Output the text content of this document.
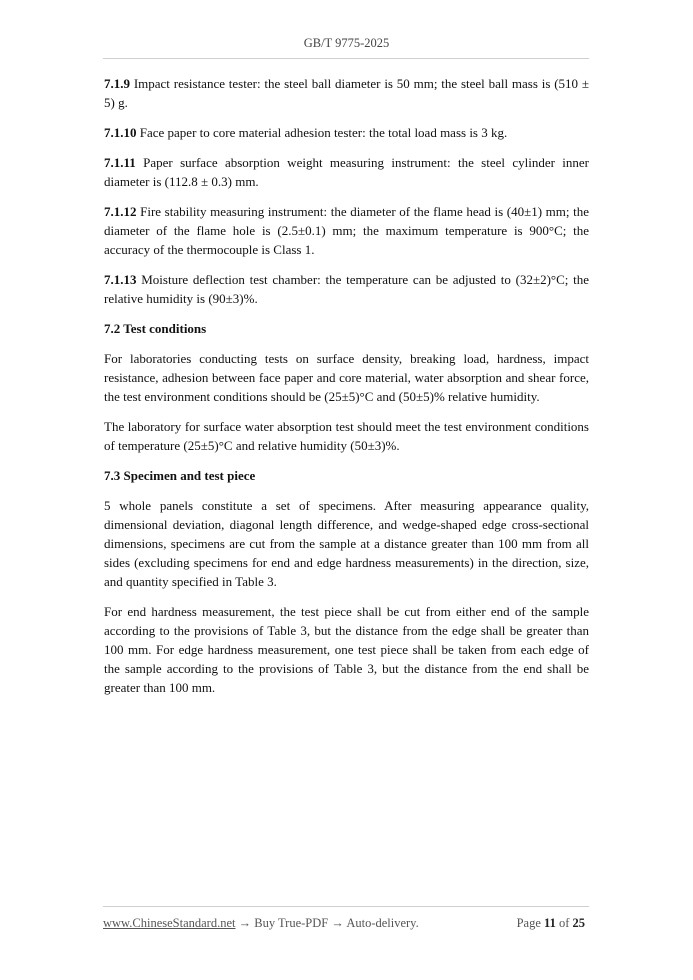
GB/T 9775-2025

7.1.9 Impact resistance tester: the steel ball diameter is 50 mm; the steel ball mass is (510 ± 5) g.

7.1.10 Face paper to core material adhesion tester: the total load mass is 3 kg.

7.1.11 Paper surface absorption weight measuring instrument: the steel cylinder inner diameter is (112.8 ± 0.3) mm.

7.1.12 Fire stability measuring instrument: the diameter of the flame head is (40±1) mm; the diameter of the flame hole is (2.5±0.1) mm; the maximum temperature is 900°C; the accuracy of the thermocouple is Class 1.

7.1.13 Moisture deflection test chamber: the temperature can be adjusted to (32±2)°C; the relative humidity is (90±3)%.

7.2 Test conditions

For laboratories conducting tests on surface density, breaking load, hardness, impact resistance, adhesion between face paper and core material, water absorption and shear force, the test environment conditions should be (25±5)°C and (50±5)% relative humidity.

The laboratory for surface water absorption test should meet the test environment conditions of temperature (25±5)°C and relative humidity (50±3)%.

7.3 Specimen and test piece

5 whole panels constitute a set of specimens. After measuring appearance quality, dimensional deviation, diagonal length difference, and wedge-shaped edge cross-sectional dimensions, specimens are cut from the sample at a distance greater than 100 mm from all sides (excluding specimens for end and edge hardness measurements) in the direction, size, and quantity specified in Table 3.

For end hardness measurement, the test piece shall be cut from either end of the sample according to the provisions of Table 3, but the distance from the edge shall be greater than 100 mm. For edge hardness measurement, one test piece shall be taken from each edge of the sample according to the provisions of Table 3, but the distance from the end shall be greater than 100 mm.

www.ChineseStandard.net → Buy True-PDF → Auto-delivery.	Page 11 of 25
